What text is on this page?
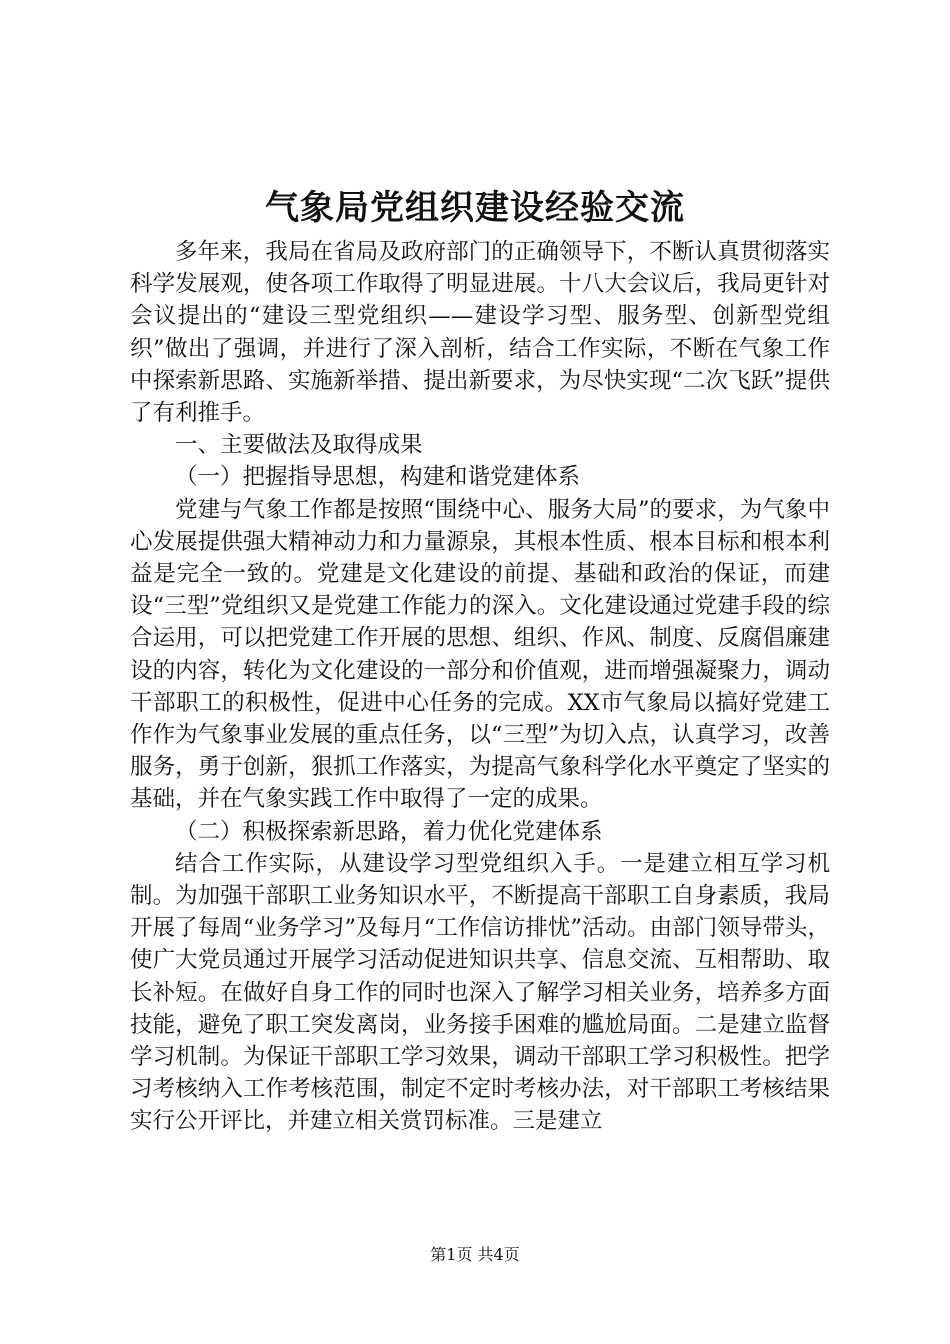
气象局党组织建设经验交流

多年来，我局在省局及政府部门的正确领导下，不断认真贯彻落实科学发展观，使各项工作取得了明显进展。十八大会议后，我局更针对会议提出的“建设三型党组织——建设学习型、服务型、创新型党组织”做出了强调，并进行了深入剖析，结合工作实际，不断在气象工作中探索新思路、实施新举措、提出新要求，为尽快实现“二次飞跃”提供了有利推手。

一、主要做法及取得成果

（一）把握指导思想，构建和谐党建体系

党建与气象工作都是按照“围绕中心、服务大局”的要求，为气象中心发展提供强大精神动力和力量源泉，其根本性质、根本目标和根本利益是完全一致的。党建是文化建设的前提、基础和政治的保证，而建设“三型”党组织又是党建工作能力的深入。文化建设通过党建手段的综合运用，可以把党建工作开展的思想、组织、作风、制度、反腐倡廉建设的内容，转化为文化建设的一部分和价值观，进而增强凝聚力，调动干部职工的积极性，促进中心任务的完成。XX市气象局以搞好党建工作作为气象事业发展的重点任务，以“三型”为切入点，认真学习，改善服务，勇于创新，狠抓工作落实，为提高气象科学化水平奠定了坚实的基础，并在气象实践工作中取得了一定的成果。

（二）积极探索新思路，着力优化党建体系

结合工作实际，从建设学习型党组织入手。一是建立相互学习机制。为加强干部职工业务知识水平，不断提高干部职工自身素质，我局开展了每周“业务学习”及每月“工作信访排忧”活动。由部门领导带头，使广大党员通过开展学习活动促进知识共享、信息交流、互相帮助、取长补短。在做好自身工作的同时也深入了解学习相关业务，培养多方面技能，避免了职工突发离岗，业务接手困难的尴尬局面。二是建立监督学习机制。为保证干部职工学习效果，调动干部职工学习积极性。把学习考核纳入工作考核范围，制定不定时考核办法，对干部职工考核结果实行公开评比，并建立相关赏罚标准。三是建立

第1页 共4页
